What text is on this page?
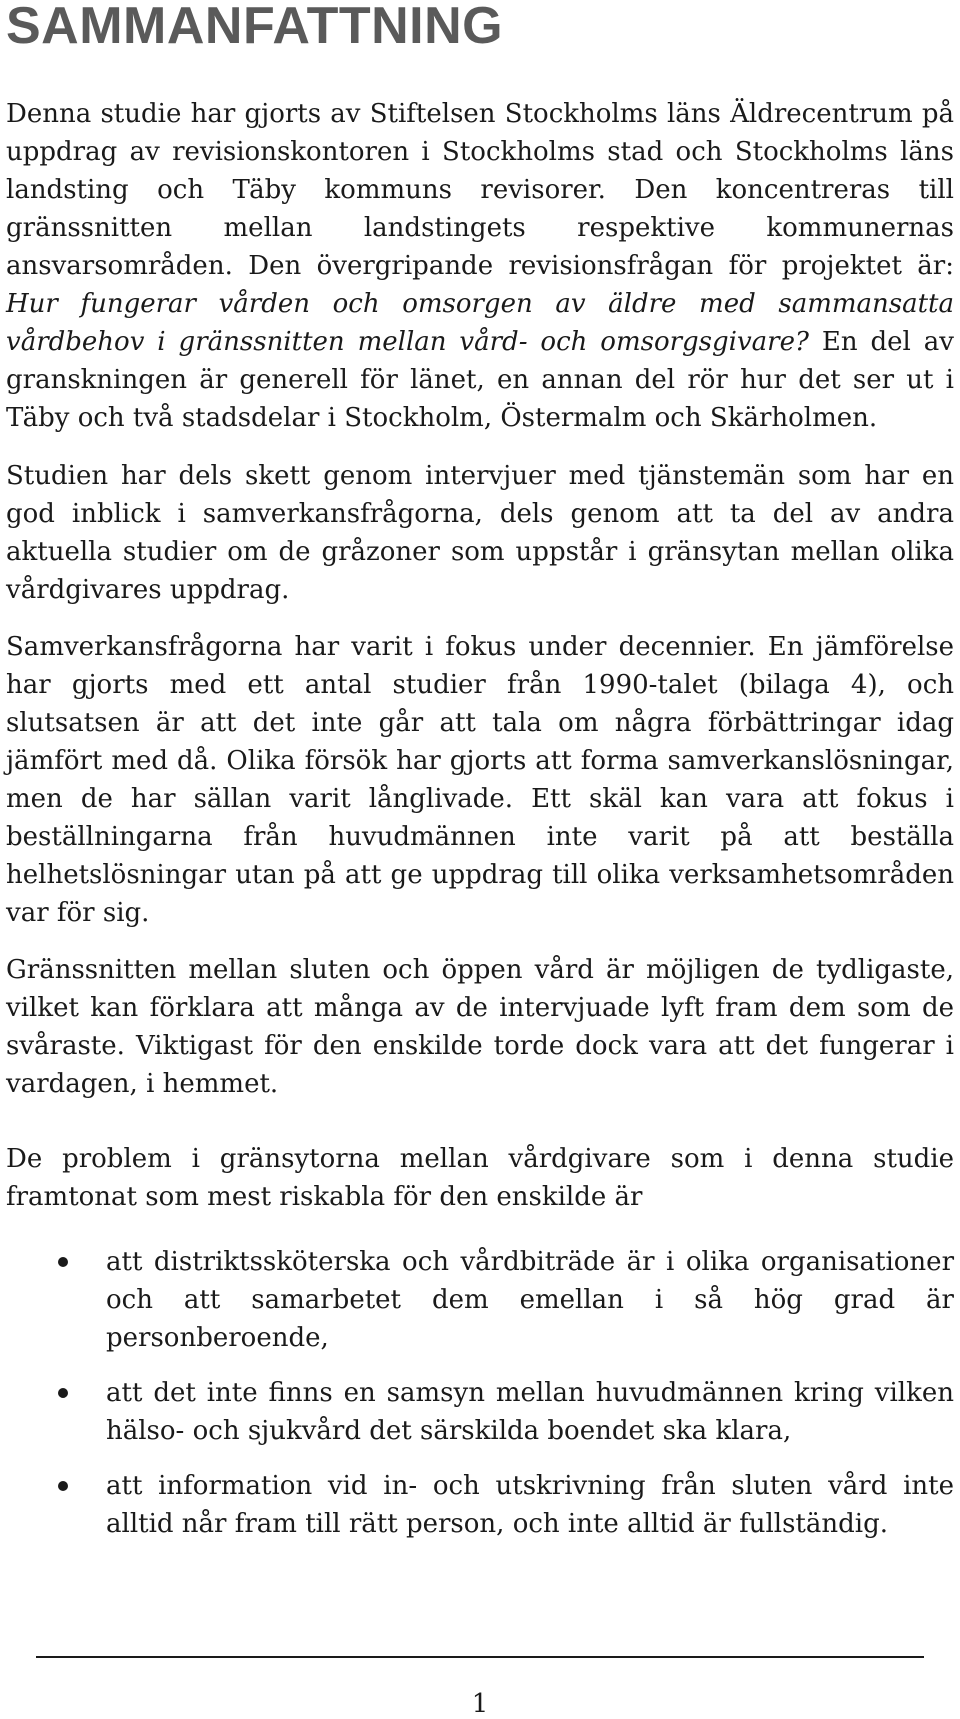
SAMMANFATTNING

Denna studie har gjorts av Stiftelsen Stockholms läns Äldrecentrum på uppdrag av revisionskontoren i Stockholms stad och Stockholms läns landsting och Täby kommuns revisorer. Den koncentreras till gränssnitten mellan landstingets respektive kommunernas ansvarsområden. Den övergripande revisionsfrågan för projektet är: Hur fungerar vården och omsorgen av äldre med sammansatta vårdbehov i gränssnitten mellan vård- och omsorgsgivare? En del av granskningen är generell för länet, en annan del rör hur det ser ut i Täby och två stadsdelar i Stockholm, Östermalm och Skärholmen.

Studien har dels skett genom intervjuer med tjänstemän som har en god inblick i samverkansfrågorna, dels genom att ta del av andra aktuella studier om de gråzoner som uppstår i gränsytan mellan olika vårdgivares uppdrag.

Samverkansfrågorna har varit i fokus under decennier. En jämförelse har gjorts med ett antal studier från 1990-talet (bilaga 4), och slutsatsen är att det inte går att tala om några förbättringar idag jämfört med då. Olika försök har gjorts att forma samverkanslösningar, men de har sällan varit långlivade. Ett skäl kan vara att fokus i beställningarna från huvudmännen inte varit på att beställa helhetslösningar utan på att ge uppdrag till olika verksamhetsområden var för sig.

Gränssnitten mellan sluten och öppen vård är möjligen de tydligaste, vilket kan förklara att många av de intervjuade lyft fram dem som de svåraste. Viktigast för den enskilde torde dock vara att det fungerar i vardagen, i hemmet.

De problem i gränsytorna mellan vårdgivare som i denna studie framtonat som mest riskabla för den enskilde är

att distriktssköterska och vårdbiträde är i olika organisationer och att samarbetet dem emellan i så hög grad är personberoende,
att det inte finns en samsyn mellan huvudmännen kring vilken hälso- och sjukvård det särskilda boendet ska klara,
att information vid in- och utskrivning från sluten vård inte alltid når fram till rätt person, och inte alltid är fullständig.
1
